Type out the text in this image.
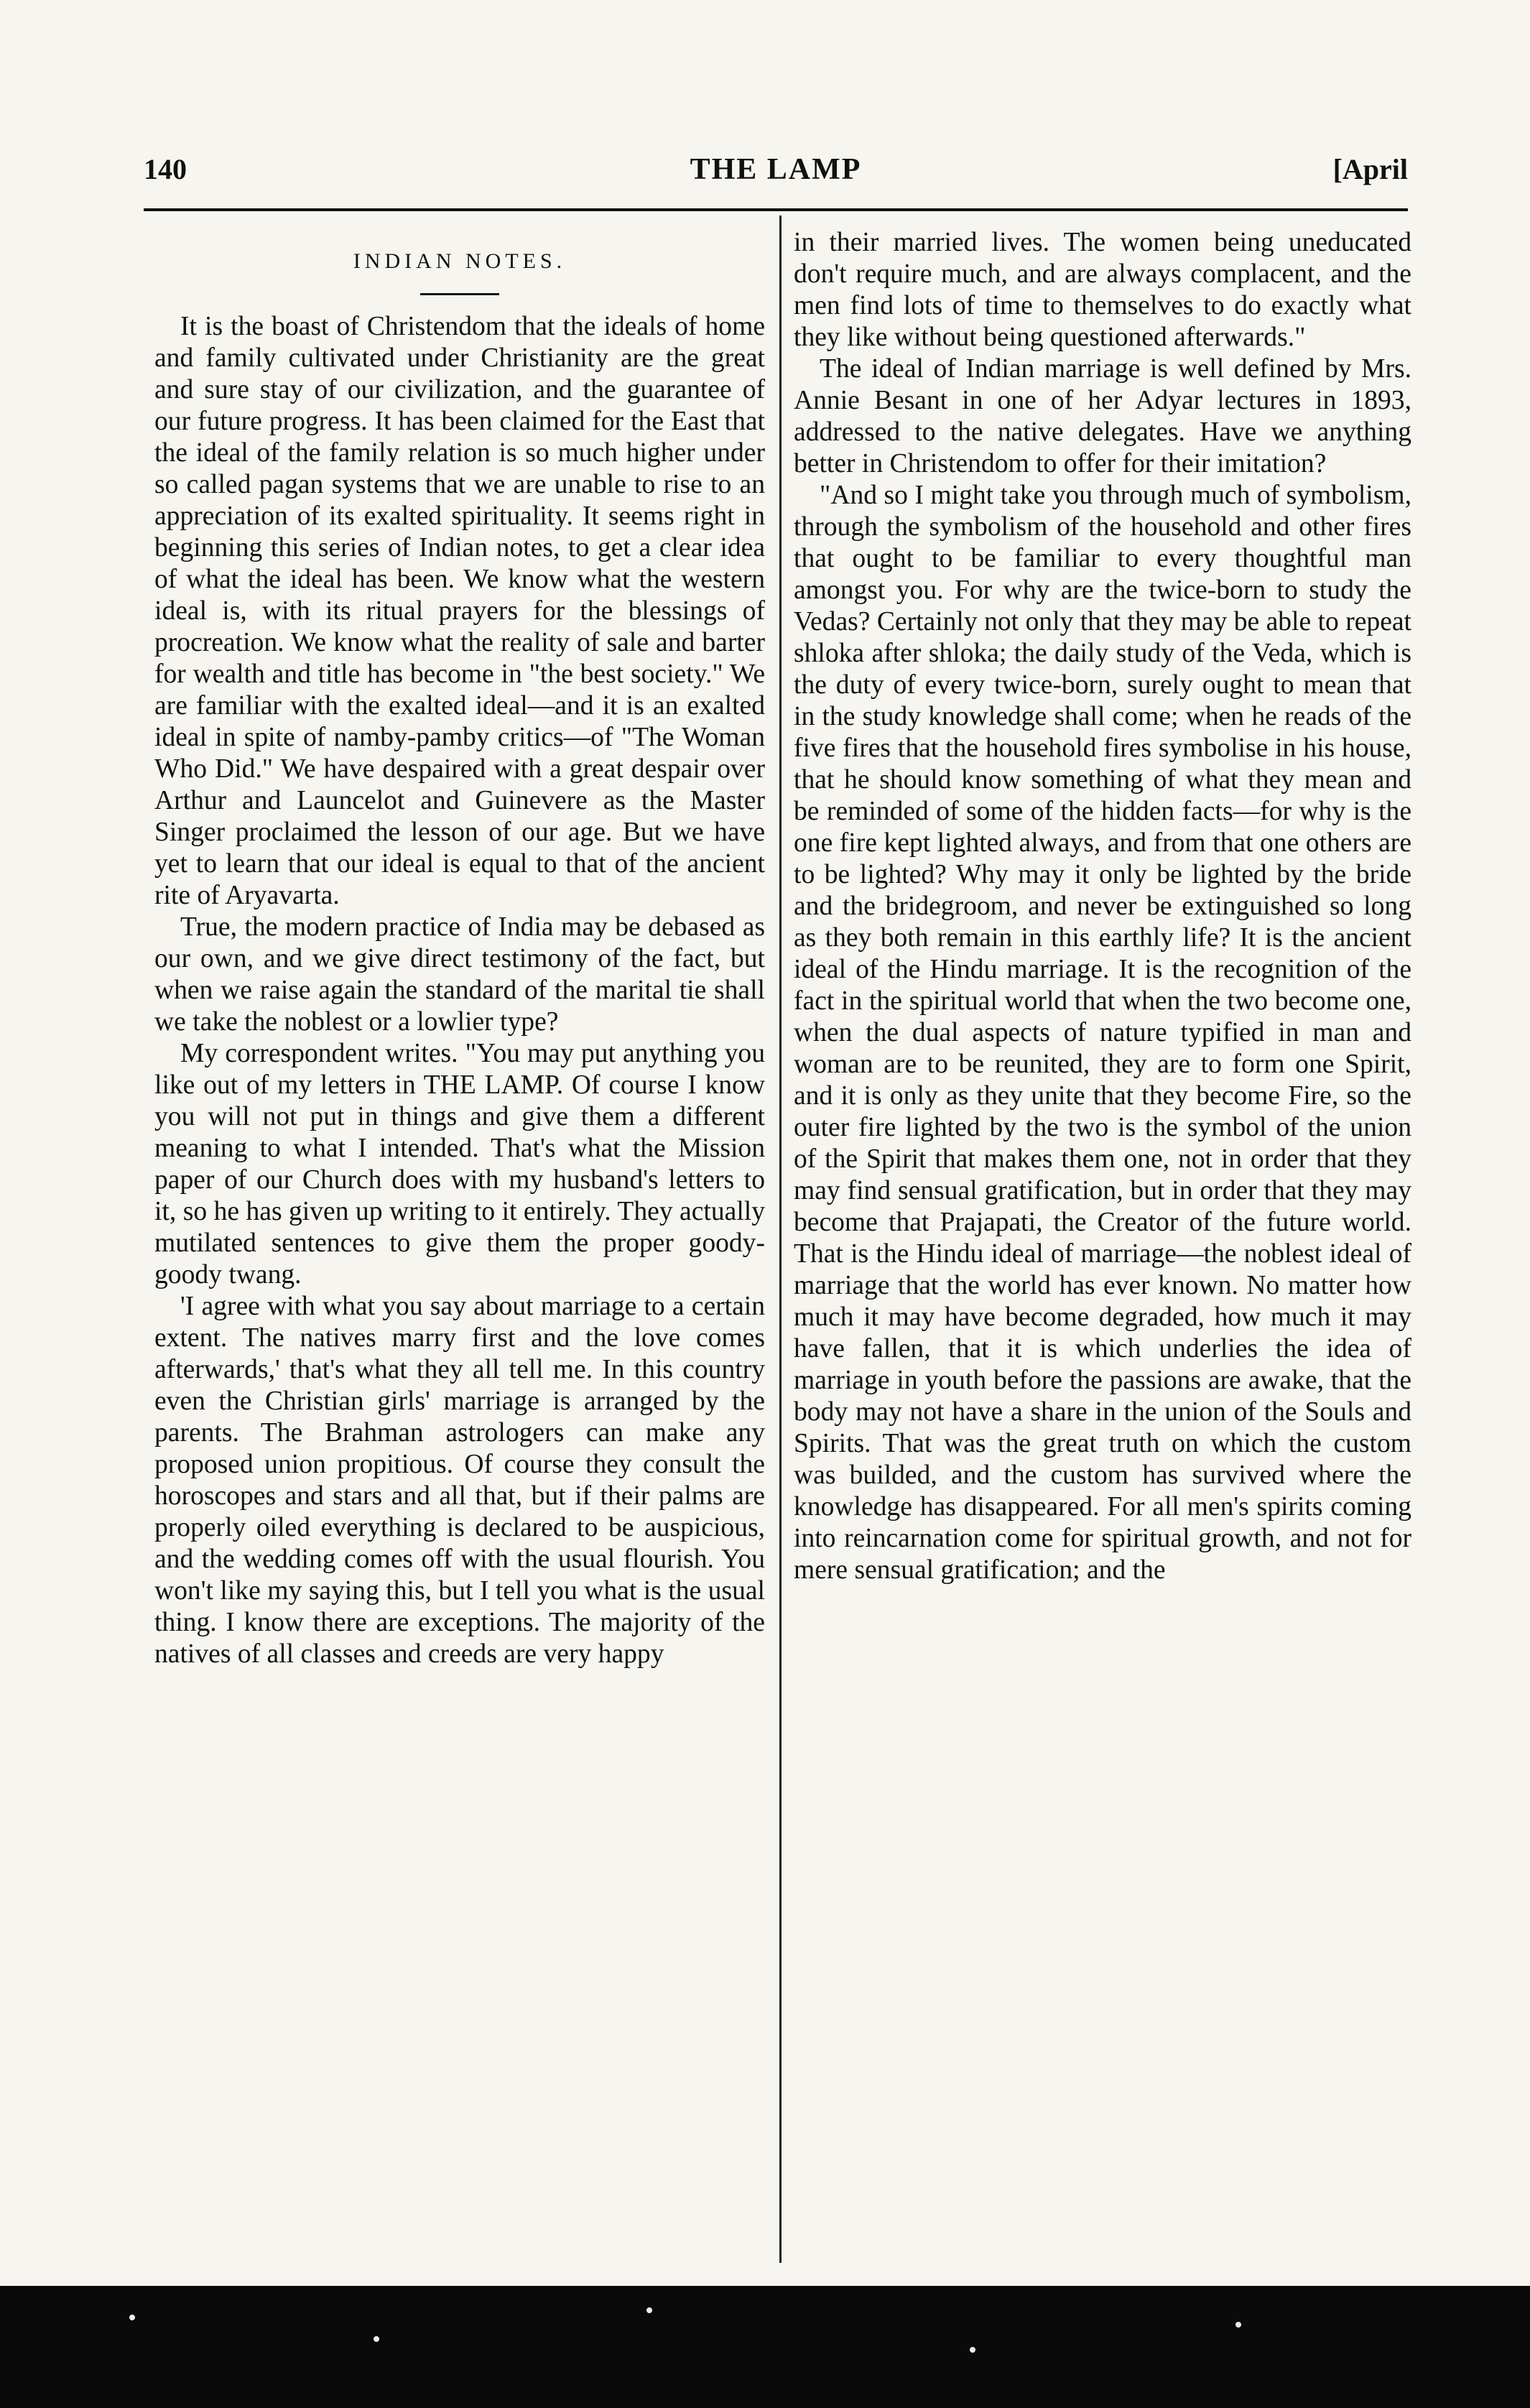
140	THE LAMP	[April
INDIAN NOTES.

It is the boast of Christendom that the ideals of home and family cultivated under Christianity are the great and sure stay of our civilization, and the guarantee of our future progress. It has been claimed for the East that the ideal of the family relation is so much higher under so called pagan systems that we are unable to rise to an appreciation of its exalted spirituality. It seems right in beginning this series of Indian notes, to get a clear idea of what the ideal has been. We know what the western ideal is, with its ritual prayers for the blessings of procreation. We know what the reality of sale and barter for wealth and title has become in "the best society." We are familiar with the exalted ideal—and it is an exalted ideal in spite of namby-pamby critics—of "The Woman Who Did." We have despaired with a great despair over Arthur and Launcelot and Guinevere as the Master Singer proclaimed the lesson of our age. But we have yet to learn that our ideal is equal to that of the ancient rite of Aryavarta.

True, the modern practice of India may be debased as our own, and we give direct testimony of the fact, but when we raise again the standard of the marital tie shall we take the noblest or a lowlier type?

My correspondent writes. "You may put anything you like out of my letters in THE LAMP. Of course I know you will not put in things and give them a different meaning to what I intended. That's what the Mission paper of our Church does with my husband's letters to it, so he has given up writing to it entirely. They actually mutilated sentences to give them the proper goody-goody twang.

'I agree with what you say about marriage to a certain extent. The natives marry first and the love comes afterwards,' that's what they all tell me. In this country even the Christian girls' marriage is arranged by the parents. The Brahman astrologers can make any proposed union propitious. Of course they consult the horoscopes and stars and all that, but if their palms are properly oiled everything is declared to be auspicious, and the wedding comes off with the usual flourish. You won't like my saying this, but I tell you what is the usual thing. I know there are exceptions. The majority of the natives of all classes and creeds are very happy

in their married lives. The women being uneducated don't require much, and are always complacent, and the men find lots of time to themselves to do exactly what they like without being questioned afterwards."

The ideal of Indian marriage is well defined by Mrs. Annie Besant in one of her Adyar lectures in 1893, addressed to the native delegates. Have we anything better in Christendom to offer for their imitation?

"And so I might take you through much of symbolism, through the symbolism of the household and other fires that ought to be familiar to every thoughtful man amongst you. For why are the twice-born to study the Vedas? Certainly not only that they may be able to repeat shloka after shloka; the daily study of the Veda, which is the duty of every twice-born, surely ought to mean that in the study knowledge shall come; when he reads of the five fires that the household fires symbolise in his house, that he should know something of what they mean and be reminded of some of the hidden facts—for why is the one fire kept lighted always, and from that one others are to be lighted? Why may it only be lighted by the bride and the bridegroom, and never be extinguished so long as they both remain in this earthly life? It is the ancient ideal of the Hindu marriage. It is the recognition of the fact in the spiritual world that when the two become one, when the dual aspects of nature typified in man and woman are to be reunited, they are to form one Spirit, and it is only as they unite that they become Fire, so the outer fire lighted by the two is the symbol of the union of the Spirit that makes them one, not in order that they may find sensual gratification, but in order that they may become that Prajapati, the Creator of the future world. That is the Hindu ideal of marriage—the noblest ideal of marriage that the world has ever known. No matter how much it may have become degraded, how much it may have fallen, that it is which underlies the idea of marriage in youth before the passions are awake, that the body may not have a share in the union of the Souls and Spirits. That was the great truth on which the custom was builded, and the custom has survived where the knowledge has disappeared. For all men's spirits coming into reincarnation come for spiritual growth, and not for mere sensual gratification; and the
